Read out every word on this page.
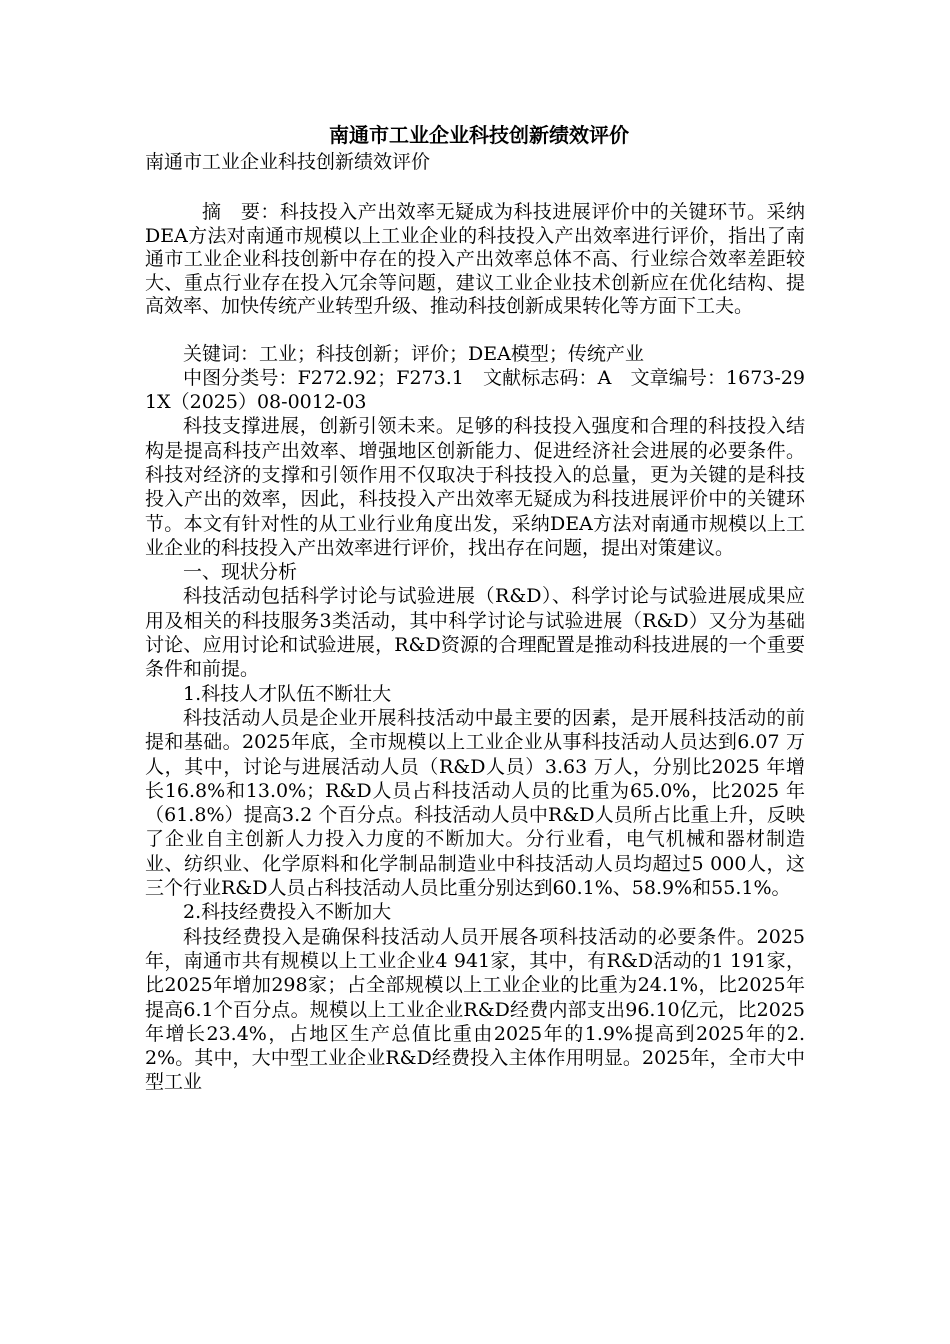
南通市工业企业科技创新绩效评价
南通市工业企业科技创新绩效评价

摘　要：科技投入产出效率无疑成为科技进展评价中的关键环节。采纳DEA方法对南通市规模以上工业企业的科技投入产出效率进行评价，指出了南通市工业企业科技创新中存在的投入产出效率总体不高、行业综合效率差距较大、重点行业存在投入冗余等问题，建议工业企业技术创新应在优化结构、提高效率、加快传统产业转型升级、推动科技创新成果转化等方面下工夫。

关键词：工业；科技创新；评价；DEA模型；传统产业

中图分类号：F272.92；F273.1　文献标志码：A　文章编号：1673-291X（2025）08-0012-03

科技支撑进展，创新引领未来。足够的科技投入强度和合理的科技投入结构是提高科技产出效率、增强地区创新能力、促进经济社会进展的必要条件。科技对经济的支撑和引领作用不仅取决于科技投入的总量，更为关键的是科技投入产出的效率，因此，科技投入产出效率无疑成为科技进展评价中的关键环节。本文有针对性的从工业行业角度出发，采纳DEA方法对南通市规模以上工业企业的科技投入产出效率进行评价，找出存在问题，提出对策建议。

一、现状分析

科技活动包括科学讨论与试验进展（R&D）、科学讨论与试验进展成果应用及相关的科技服务3类活动，其中科学讨论与试验进展（R&D）又分为基础讨论、应用讨论和试验进展，R&D资源的合理配置是推动科技进展的一个重要条件和前提。

1.科技人才队伍不断壮大

科技活动人员是企业开展科技活动中最主要的因素，是开展科技活动的前提和基础。2025年底，全市规模以上工业企业从事科技活动人员达到6.07 万人，其中，讨论与进展活动人员（R&D人员）3.63 万人，分别比2025 年增长16.8%和13.0%；R&D人员占科技活动人员的比重为65.0%，比2025 年（61.8%）提高3.2 个百分点。科技活动人员中R&D人员所占比重上升，反映了企业自主创新人力投入力度的不断加大。分行业看，电气机械和器材制造业、纺织业、化学原料和化学制品制造业中科技活动人员均超过5 000人，这三个行业R&D人员占科技活动人员比重分别达到60.1%、58.9%和55.1%。

2.科技经费投入不断加大

科技经费投入是确保科技活动人员开展各项科技活动的必要条件。2025 年，南通市共有规模以上工业企业4 941家，其中，有R&D活动的1 191家，比2025年增加298家；占全部规模以上工业企业的比重为24.1%，比2025年提高6.1个百分点。规模以上工业企业R&D经费内部支出96.10亿元，比2025年增长23.4%，占地区生产总值比重由2025年的1.9%提高到2025年的2.2%。其中，大中型工业企业R&D经费投入主体作用明显。2025年，全市大中型工业
